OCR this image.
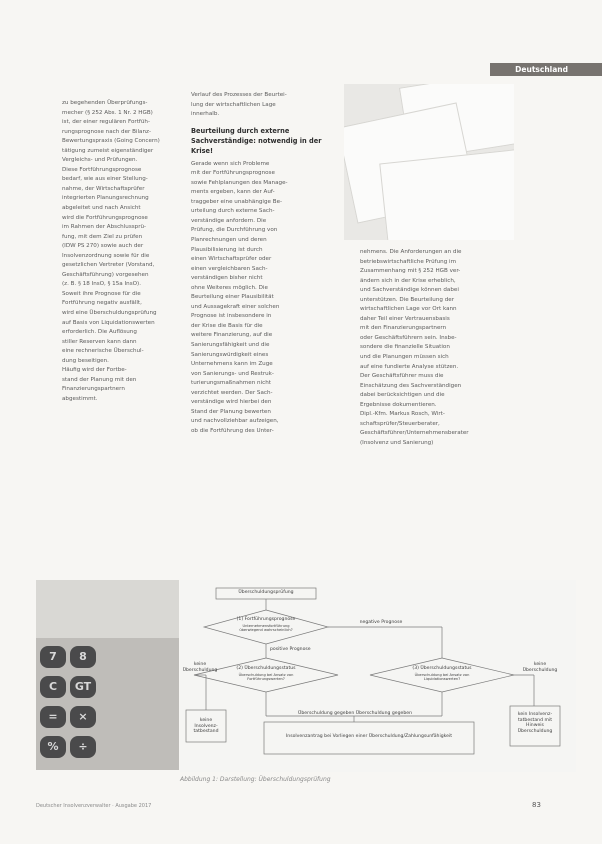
Deutschland
zu begehenden Überprüfungs-
mecher (§ 252 Abs. 1 Nr. 2 HGB)
ist, der einer regulären Fortfüh-
rungsprognose nach der Bilanz-
Bewertungspraxis (Going Concern)
tätigung zumeist eigenständiger
Vergleichs- und Prüfungen.
Diese Fortführungsprognose
bedarf, wie aus einer Stellung-
nahme, der Wirtschaftsprüfer
integrierten Planungsrechnung
abgeleitet und nach Ansicht
wird die Fortführungsprognose
im Rahmen der Abschlussprü-
fung, mit dem Ziel zu prüfen
(IDW PS 270) sowie auch der
Insolvenzordnung sowie für die
gesetzlichen Vertreter (Vorstand,
Geschäftsführung) vorgesehen
(z. B. § 18 InsO, § 15a InsO).
Soweit ihre Prognose für die
Fortführung negativ ausfällt,
wird eine Überschuldungsprüfung
auf Basis von Liquidationswerten
erforderlich. Die Auflösung
stiller Reserven kann dann
eine rechnerische Überschul-
dung beseitigen.
Häufig wird der Fortbe-
stand der Planung mit den
Finanzierungspartnern
abgestimmt.
Verlauf des Prozesses der Beurtei-
lung der wirtschaftlichen Lage
innerhalb.
Beurteilung durch externe Sachverständige: notwendig in der Krise!
Gerade wenn sich Probleme
mit der Fortführungsprognose
sowie Fehlplanungen des Manage-
ments ergeben, kann der Auf-
traggeber eine unabhängige Be-
urteilung durch externe Sach-
verständige anfordern. Die
Prüfung, die Durchführung von
Planrechnungen und deren
Plausibilisierung ist durch
einen Wirtschaftsprüfer oder
einen vergleichbaren Sach-
verständigen bisher nicht
ohne Weiteres möglich. Die
Beurteilung einer Plausibilität
und Aussagekraft einer solchen
Prognose ist insbesondere in
der Krise die Basis für die
weitere Finanzierung, auf die
Sanierungsfähigkeit und die
Sanierungswürdigkeit eines
Unternehmens kann im Zuge
von Sanierungs- und Restruk-
turierungsmaßnahmen nicht
verzichtet werden. Der Sach-
verständige wird hierbei den
Stand der Planung bewerten
und nachvollziehbar aufzeigen,
ob die Fortführung des Unter-
nehmens. Die Anforderungen an die
betriebswirtschaftliche Prüfung im
Zusammenhang mit § 252 HGB ver-
ändern sich in der Krise erheblich,
und Sachverständige können dabei
unterstützen. Die Beurteilung der
wirtschaftlichen Lage vor Ort kann
daher Teil einer Vertrauensbasis
mit den Finanzierungspartnern
oder Geschäftsführern sein. Insbe-
sondere die finanzielle Situation
und die Planungen müssen sich
auf eine fundierte Analyse stützen.
Der Geschäftsführer muss die
Einschätzung des Sachverständigen
dabei berücksichtigen und die
Ergebnisse dokumentieren.
Dipl.-Kfm. Markus Rosch, Wirt-
schaftsprüfer/Steuerberater,
Geschäftsführer/Unternehmensberater
(Insolvenz und Sanierung)
7	8
C	GT
=	×
%	÷
Überschuldungsprüfung
(1) Fortführungsprognose
Unternehmensfortführung überwiegend wahrscheinlich?
negative Prognose
positive Prognose
(2) Überschuldungsstatus
Überschuldung bei Ansatz von Fortführungswerten?
(3) Überschuldungsstatus
Überschuldung bei Ansatz von Liquidationswerten?
keine Überschuldung
keine Überschuldung
keine Insolvenz-tatbestand
kein Insolvenz-tatbestand mit Hinweis Überschuldung
Überschuldung gegeben Überschuldung gegeben
Insolvenzantrag bei Vorliegen einer Überschuldung/Zahlungsunfähigkeit
Abbildung 1: Darstellung: Überschuldungsprüfung
Deutscher Insolvenzverwalter · Ausgabe 2017	83
